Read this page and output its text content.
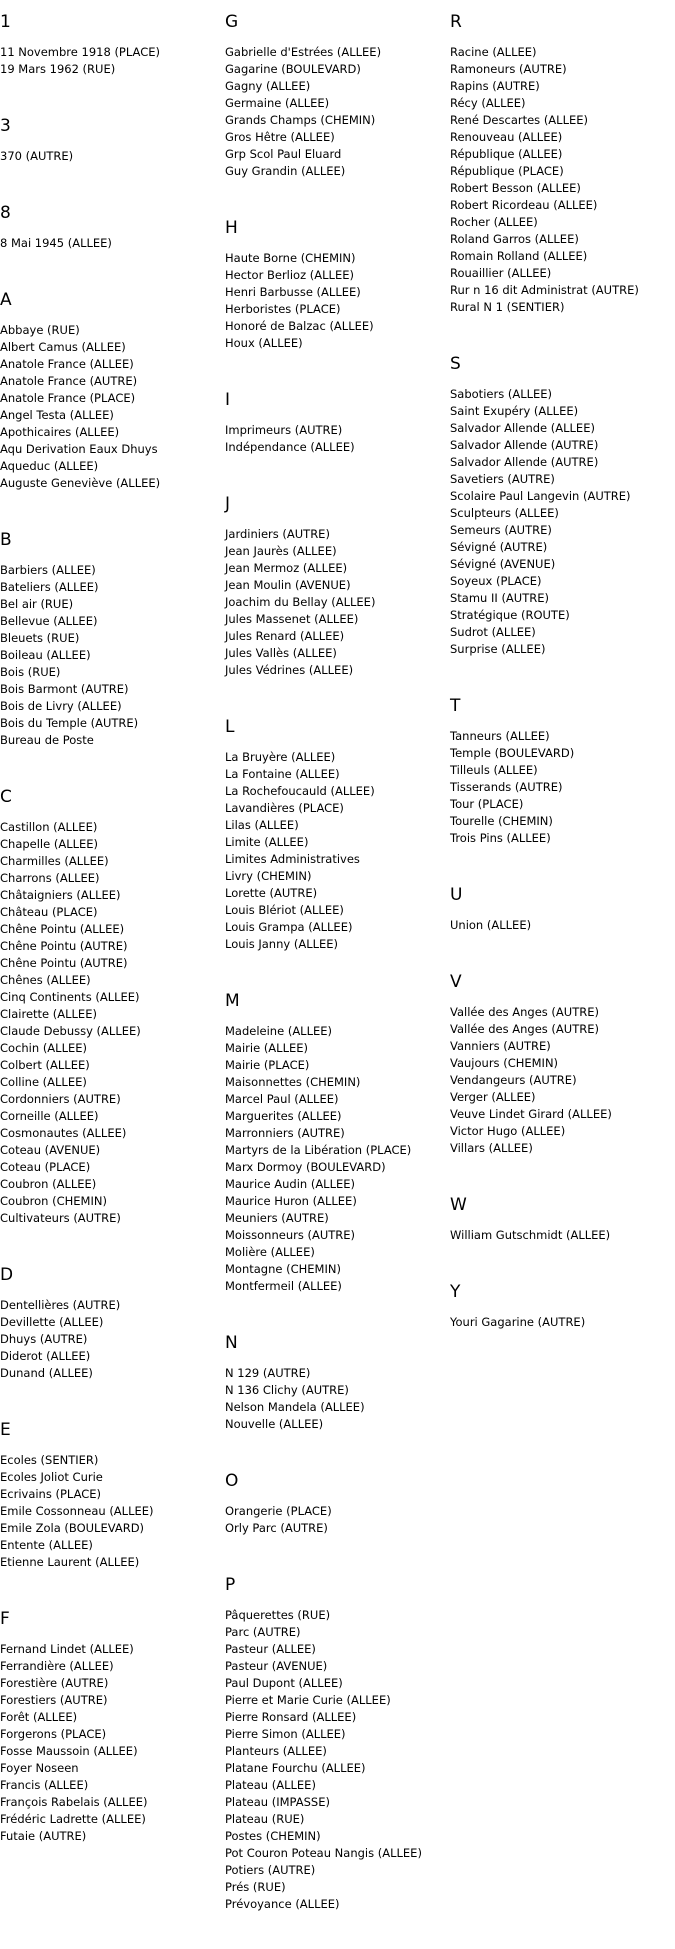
1
11 Novembre 1918 (PLACE)
19 Mars 1962 (RUE)
3
370 (AUTRE)
8
8 Mai 1945 (ALLEE)
A
Abbaye (RUE)
Albert Camus (ALLEE)
Anatole France (ALLEE)
Anatole France (AUTRE)
Anatole France (PLACE)
Angel Testa (ALLEE)
Apothicaires (ALLEE)
Aqu Derivation Eaux Dhuys
Aqueduc (ALLEE)
Auguste Geneviève (ALLEE)
B
Barbiers (ALLEE)
Bateliers (ALLEE)
Bel air (RUE)
Bellevue (ALLEE)
Bleuets (RUE)
Boileau (ALLEE)
Bois (RUE)
Bois Barmont (AUTRE)
Bois de Livry (ALLEE)
Bois du Temple (AUTRE)
Bureau de Poste
C
Castillon (ALLEE)
Chapelle (ALLEE)
Charmilles (ALLEE)
Charrons (ALLEE)
Châtaigniers (ALLEE)
Château (PLACE)
Chêne Pointu (ALLEE)
Chêne Pointu (AUTRE)
Chêne Pointu (AUTRE)
Chênes (ALLEE)
Cinq Continents (ALLEE)
Clairette (ALLEE)
Claude Debussy (ALLEE)
Cochin (ALLEE)
Colbert (ALLEE)
Colline (ALLEE)
Cordonniers (AUTRE)
Corneille (ALLEE)
Cosmonautes (ALLEE)
Coteau (AVENUE)
Coteau (PLACE)
Coubron (ALLEE)
Coubron (CHEMIN)
Cultivateurs (AUTRE)
D
Dentellières (AUTRE)
Devillette (ALLEE)
Dhuys (AUTRE)
Diderot (ALLEE)
Dunand (ALLEE)
E
Ecoles (SENTIER)
Ecoles Joliot Curie
Ecrivains (PLACE)
Emile Cossonneau (ALLEE)
Emile Zola (BOULEVARD)
Entente (ALLEE)
Etienne Laurent (ALLEE)
F
Fernand Lindet (ALLEE)
Ferrandière (ALLEE)
Forestière (AUTRE)
Forestiers (AUTRE)
Forêt (ALLEE)
Forgerons (PLACE)
Fosse Maussoin (ALLEE)
Foyer Noseen
Francis (ALLEE)
François Rabelais (ALLEE)
Frédéric Ladrette (ALLEE)
Futaie (AUTRE)
G
Gabrielle d'Estrées (ALLEE)
Gagarine (BOULEVARD)
Gagny (ALLEE)
Germaine (ALLEE)
Grands Champs (CHEMIN)
Gros Hêtre (ALLEE)
Grp Scol Paul Eluard
Guy Grandin (ALLEE)
H
Haute Borne (CHEMIN)
Hector Berlioz (ALLEE)
Henri Barbusse (ALLEE)
Herboristes (PLACE)
Honoré de Balzac (ALLEE)
Houx (ALLEE)
I
Imprimeurs (AUTRE)
Indépendance (ALLEE)
J
Jardiniers (AUTRE)
Jean Jaurès (ALLEE)
Jean Mermoz (ALLEE)
Jean Moulin (AVENUE)
Joachim du Bellay (ALLEE)
Jules Massenet (ALLEE)
Jules Renard (ALLEE)
Jules Vallès (ALLEE)
Jules Védrines (ALLEE)
L
La Bruyère (ALLEE)
La Fontaine (ALLEE)
La Rochefoucauld (ALLEE)
Lavandières (PLACE)
Lilas (ALLEE)
Limite (ALLEE)
Limites Administratives
Livry (CHEMIN)
Lorette (AUTRE)
Louis Blériot (ALLEE)
Louis Grampa (ALLEE)
Louis Janny (ALLEE)
M
Madeleine (ALLEE)
Mairie (ALLEE)
Mairie (PLACE)
Maisonnettes (CHEMIN)
Marcel Paul (ALLEE)
Marguerites (ALLEE)
Marronniers (AUTRE)
Martyrs de la Libération (PLACE)
Marx Dormoy (BOULEVARD)
Maurice Audin (ALLEE)
Maurice Huron (ALLEE)
Meuniers (AUTRE)
Moissonneurs (AUTRE)
Molière (ALLEE)
Montagne (CHEMIN)
Montfermeil (ALLEE)
N
N 129 (AUTRE)
N 136 Clichy (AUTRE)
Nelson Mandela (ALLEE)
Nouvelle (ALLEE)
O
Orangerie (PLACE)
Orly Parc (AUTRE)
P
Pâquerettes (RUE)
Parc (AUTRE)
Pasteur (ALLEE)
Pasteur (AVENUE)
Paul Dupont (ALLEE)
Pierre et Marie Curie (ALLEE)
Pierre Ronsard (ALLEE)
Pierre Simon (ALLEE)
Planteurs (ALLEE)
Platane Fourchu (ALLEE)
Plateau (ALLEE)
Plateau (IMPASSE)
Plateau (RUE)
Postes (CHEMIN)
Pot Couron Poteau Nangis (ALLEE)
Potiers (AUTRE)
Prés (RUE)
Prévoyance (ALLEE)
R
Racine (ALLEE)
Ramoneurs (AUTRE)
Rapins (AUTRE)
Récy (ALLEE)
René Descartes (ALLEE)
Renouveau (ALLEE)
République (ALLEE)
République (PLACE)
Robert Besson (ALLEE)
Robert Ricordeau (ALLEE)
Rocher (ALLEE)
Roland Garros (ALLEE)
Romain Rolland (ALLEE)
Rouaillier (ALLEE)
Rur n 16 dit Administrat (AUTRE)
Rural N 1 (SENTIER)
S
Sabotiers (ALLEE)
Saint Exupéry (ALLEE)
Salvador Allende (ALLEE)
Salvador Allende (AUTRE)
Salvador Allende (AUTRE)
Savetiers (AUTRE)
Scolaire Paul Langevin (AUTRE)
Sculpteurs (ALLEE)
Semeurs (AUTRE)
Sévigné (AUTRE)
Sévigné (AVENUE)
Soyeux (PLACE)
Stamu II (AUTRE)
Stratégique (ROUTE)
Sudrot (ALLEE)
Surprise (ALLEE)
T
Tanneurs (ALLEE)
Temple (BOULEVARD)
Tilleuls (ALLEE)
Tisserands (AUTRE)
Tour (PLACE)
Tourelle (CHEMIN)
Trois Pins (ALLEE)
U
Union (ALLEE)
V
Vallée des Anges (AUTRE)
Vallée des Anges (AUTRE)
Vanniers (AUTRE)
Vaujours (CHEMIN)
Vendangeurs (AUTRE)
Verger (ALLEE)
Veuve Lindet Girard (ALLEE)
Victor Hugo (ALLEE)
Villars (ALLEE)
W
William Gutschmidt (ALLEE)
Y
Youri Gagarine (AUTRE)
